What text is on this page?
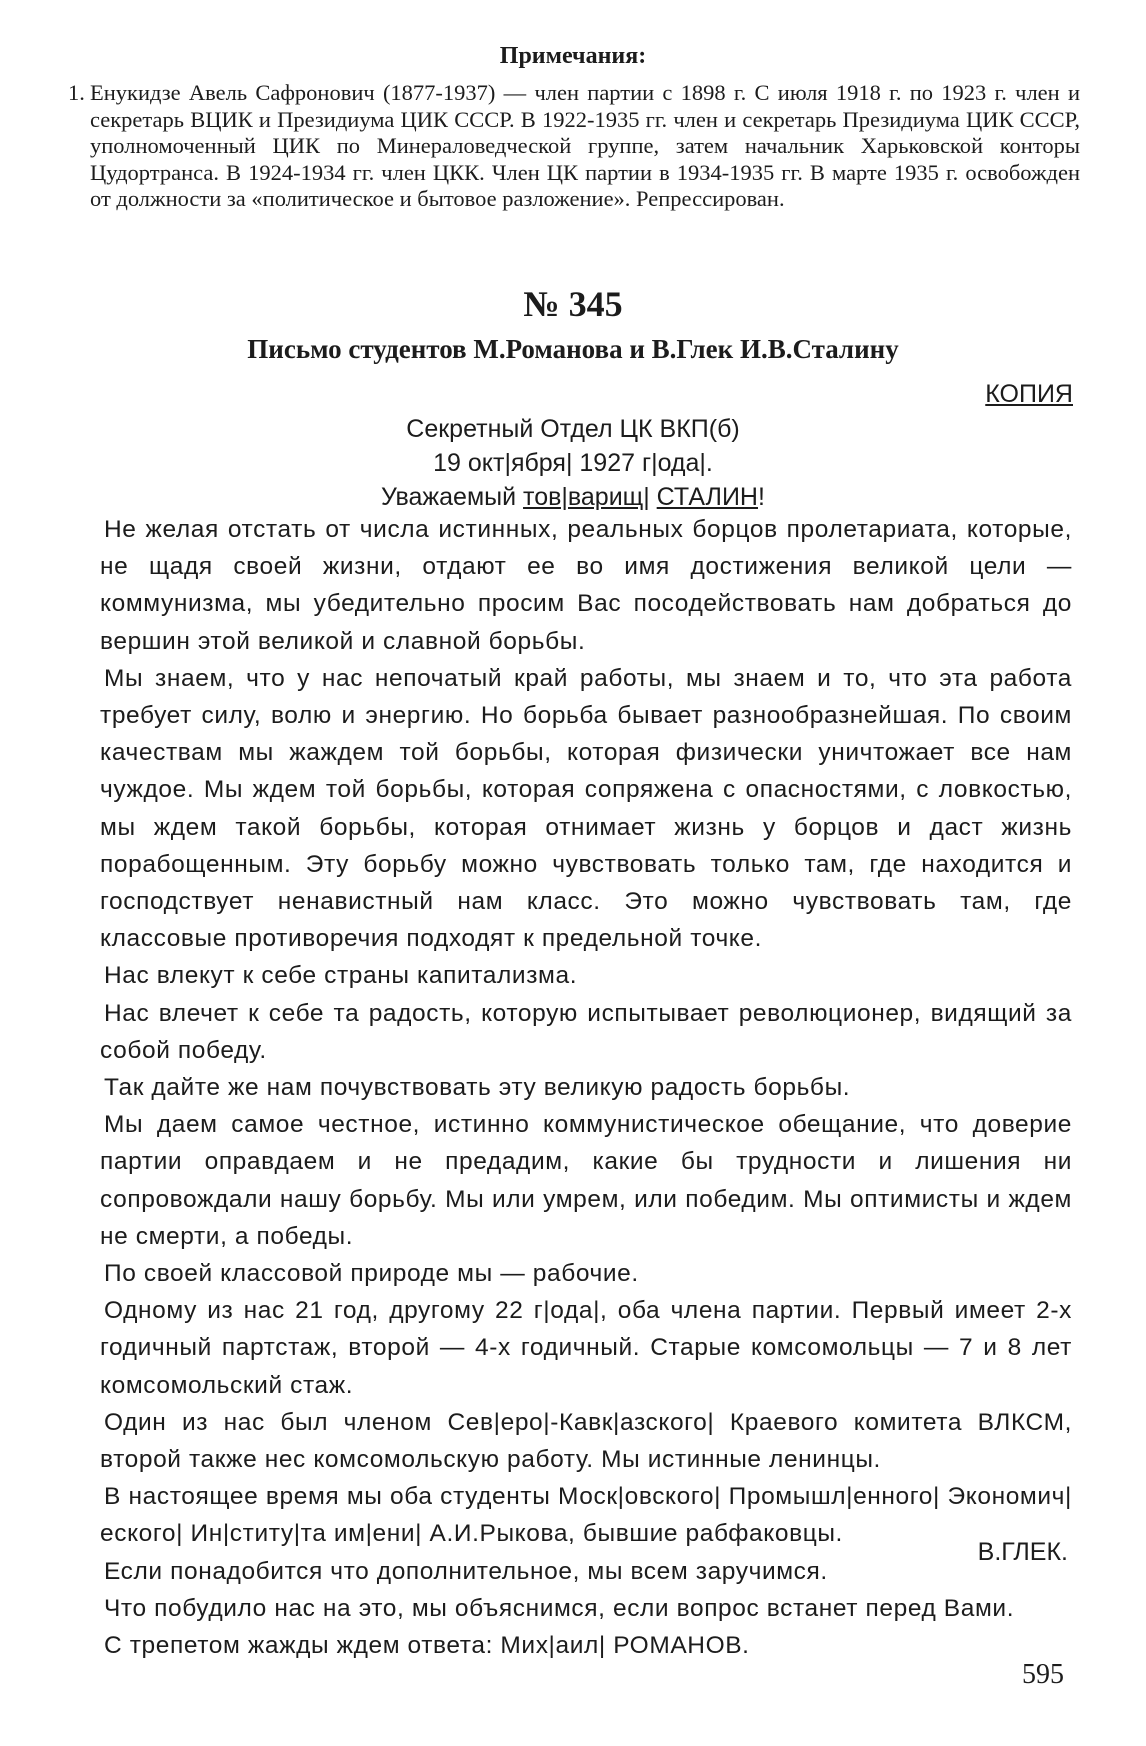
Примечания:
1. Енукидзе Авель Сафронович (1877-1937) — член партии с 1898 г. С июля 1918 г. по 1923 г. член и секретарь ВЦИК и Президиума ЦИК СССР. В 1922-1935 гг. член и секретарь Президиума ЦИК СССР, уполномоченный ЦИК по Минераловедческой группе, затем начальник Харьковской конторы Цудортранса. В 1924-1934 гг. член ЦКК. Член ЦК партии в 1934-1935 гг. В марте 1935 г. освобожден от должности за «политическое и бытовое разложение». Репрессирован.
№ 345
Письмо студентов М.Романова и В.Глек И.В.Сталину
КОПИЯ
Секретный Отдел ЦК ВКП(б)
19 окт|ября| 1927 г|ода|.
Уважаемый тов|варищ| СТАЛИН!

Не желая отстать от числа истинных, реальных борцов пролетариата, которые, не щадя своей жизни, отдают ее во имя достижения великой цели — коммунизма, мы убедительно просим Вас посодействовать нам добраться до вершин этой великой и славной борьбы.

Мы знаем, что у нас непочатый край работы, мы знаем и то, что эта работа требует силу, волю и энергию. Но борьба бывает разнообразнейшая. По своим качествам мы жаждем той борьбы, которая физически уничтожает все нам чуждое. Мы ждем той борьбы, которая сопряжена с опасностями, с ловкостью, мы ждем такой борьбы, которая отнимает жизнь у борцов и даст жизнь порабощенным. Эту борьбу можно чувствовать только там, где находится и господствует ненавистный нам класс. Это можно чувствовать там, где классовые противоречия подходят к предельной точке.

Нас влекут к себе страны капитализма.

Нас влечет к себе та радость, которую испытывает революционер, видящий за собой победу.

Так дайте же нам почувствовать эту великую радость борьбы.

Мы даем самое честное, истинно коммунистическое обещание, что доверие партии оправдаем и не предадим, какие бы трудности и лишения ни сопровождали нашу борьбу. Мы или умрем, или победим. Мы оптимисты и ждем не смерти, а победы.

По своей классовой природе мы — рабочие.

Одному из нас 21 год, другому 22 г|ода|, оба члена партии. Первый имеет 2-х годичный партстаж, второй — 4-х годичный. Старые комсомольцы — 7 и 8 лет комсомольский стаж.

Один из нас был членом Сев|еро|-Кавк|азского| Краевого комитета ВЛКСМ, второй также нес комсомольскую работу. Мы истинные ленинцы.

В настоящее время мы оба студенты Моск|овского| Промышл|енного| Экономич|еского| Ин|ститу|та им|ени| А.И.Рыкова, бывшие рабфаковцы.

Если понадобится что дополнительное, мы всем заручимся.

Что побудило нас на это, мы объяснимся, если вопрос встанет перед Вами.

С трепетом жажды ждем ответа: Мих|аил| РОМАНОВ.

В.ГЛЕК.
595
